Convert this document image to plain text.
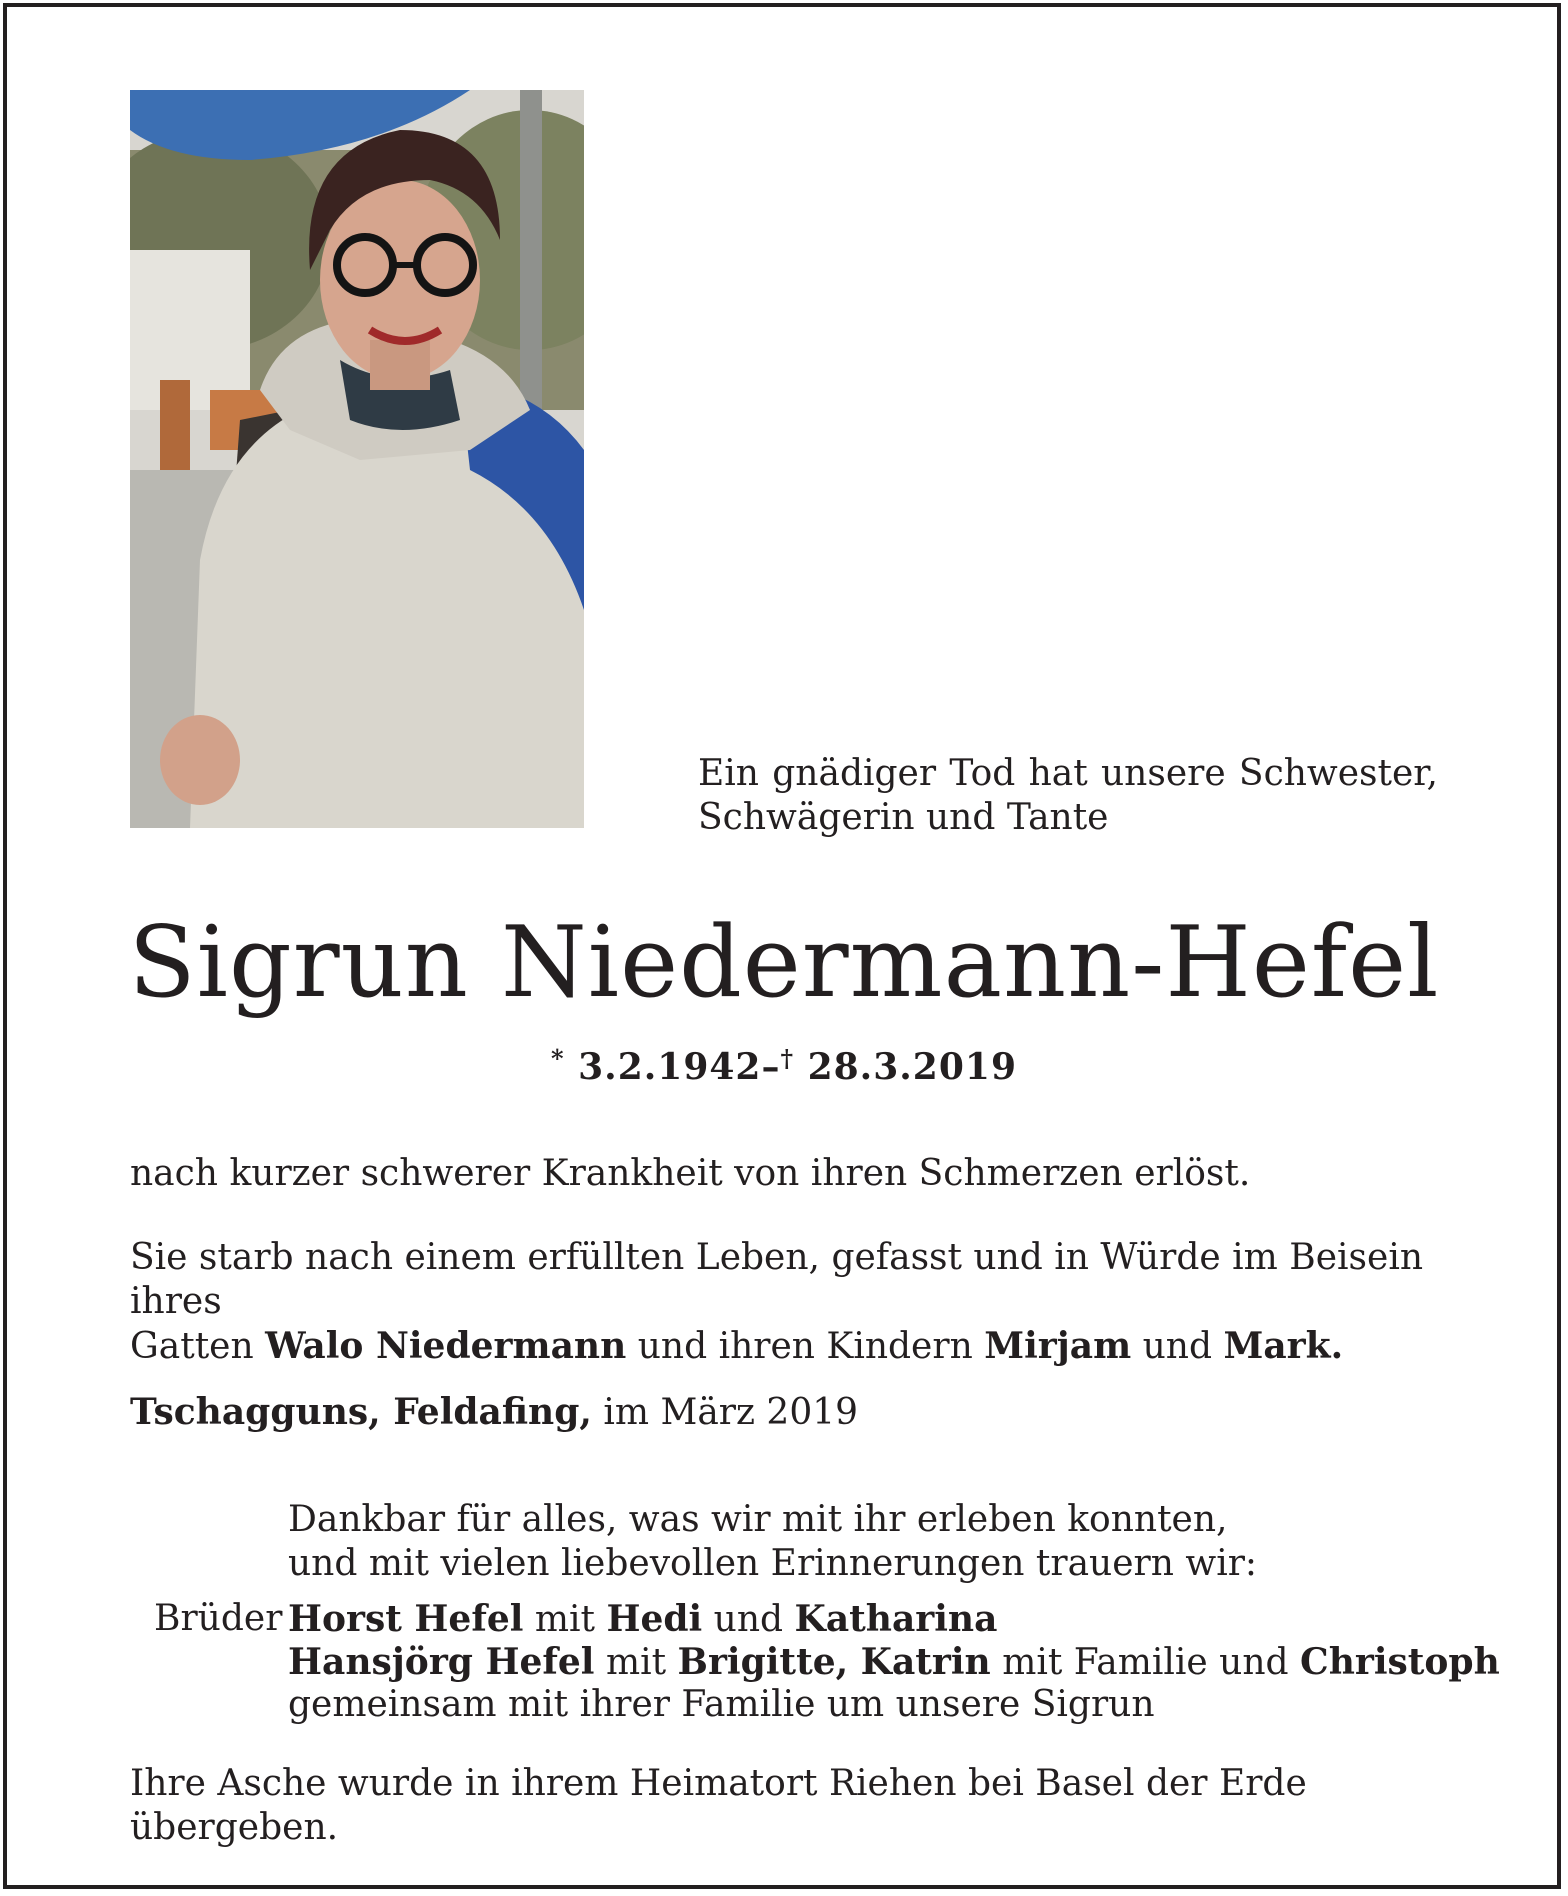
Ein gnädiger Tod hat unsere Schwester,
Schwägerin und Tante
Sigrun Niedermann-Hefel
* 3.2.1942–† 28.3.2019
nach kurzer schwerer Krankheit von ihren Schmerzen erlöst.
Sie starb nach einem erfüllten Leben, gefasst und in Würde im Beisein ihres
Gatten Walo Niedermann und ihren Kindern Mirjam und Mark.
Tschagguns, Feldafing, im März 2019
Dankbar für alles, was wir mit ihr erleben konnten,
und mit vielen liebevollen Erinnerungen trauern wir:
Brüder Horst Hefel mit Hedi und Katharina
Hansjörg Hefel mit Brigitte, Katrin mit Familie und Christoph
gemeinsam mit ihrer Familie um unsere Sigrun
Ihre Asche wurde in ihrem Heimatort Riehen bei Basel der Erde übergeben.
